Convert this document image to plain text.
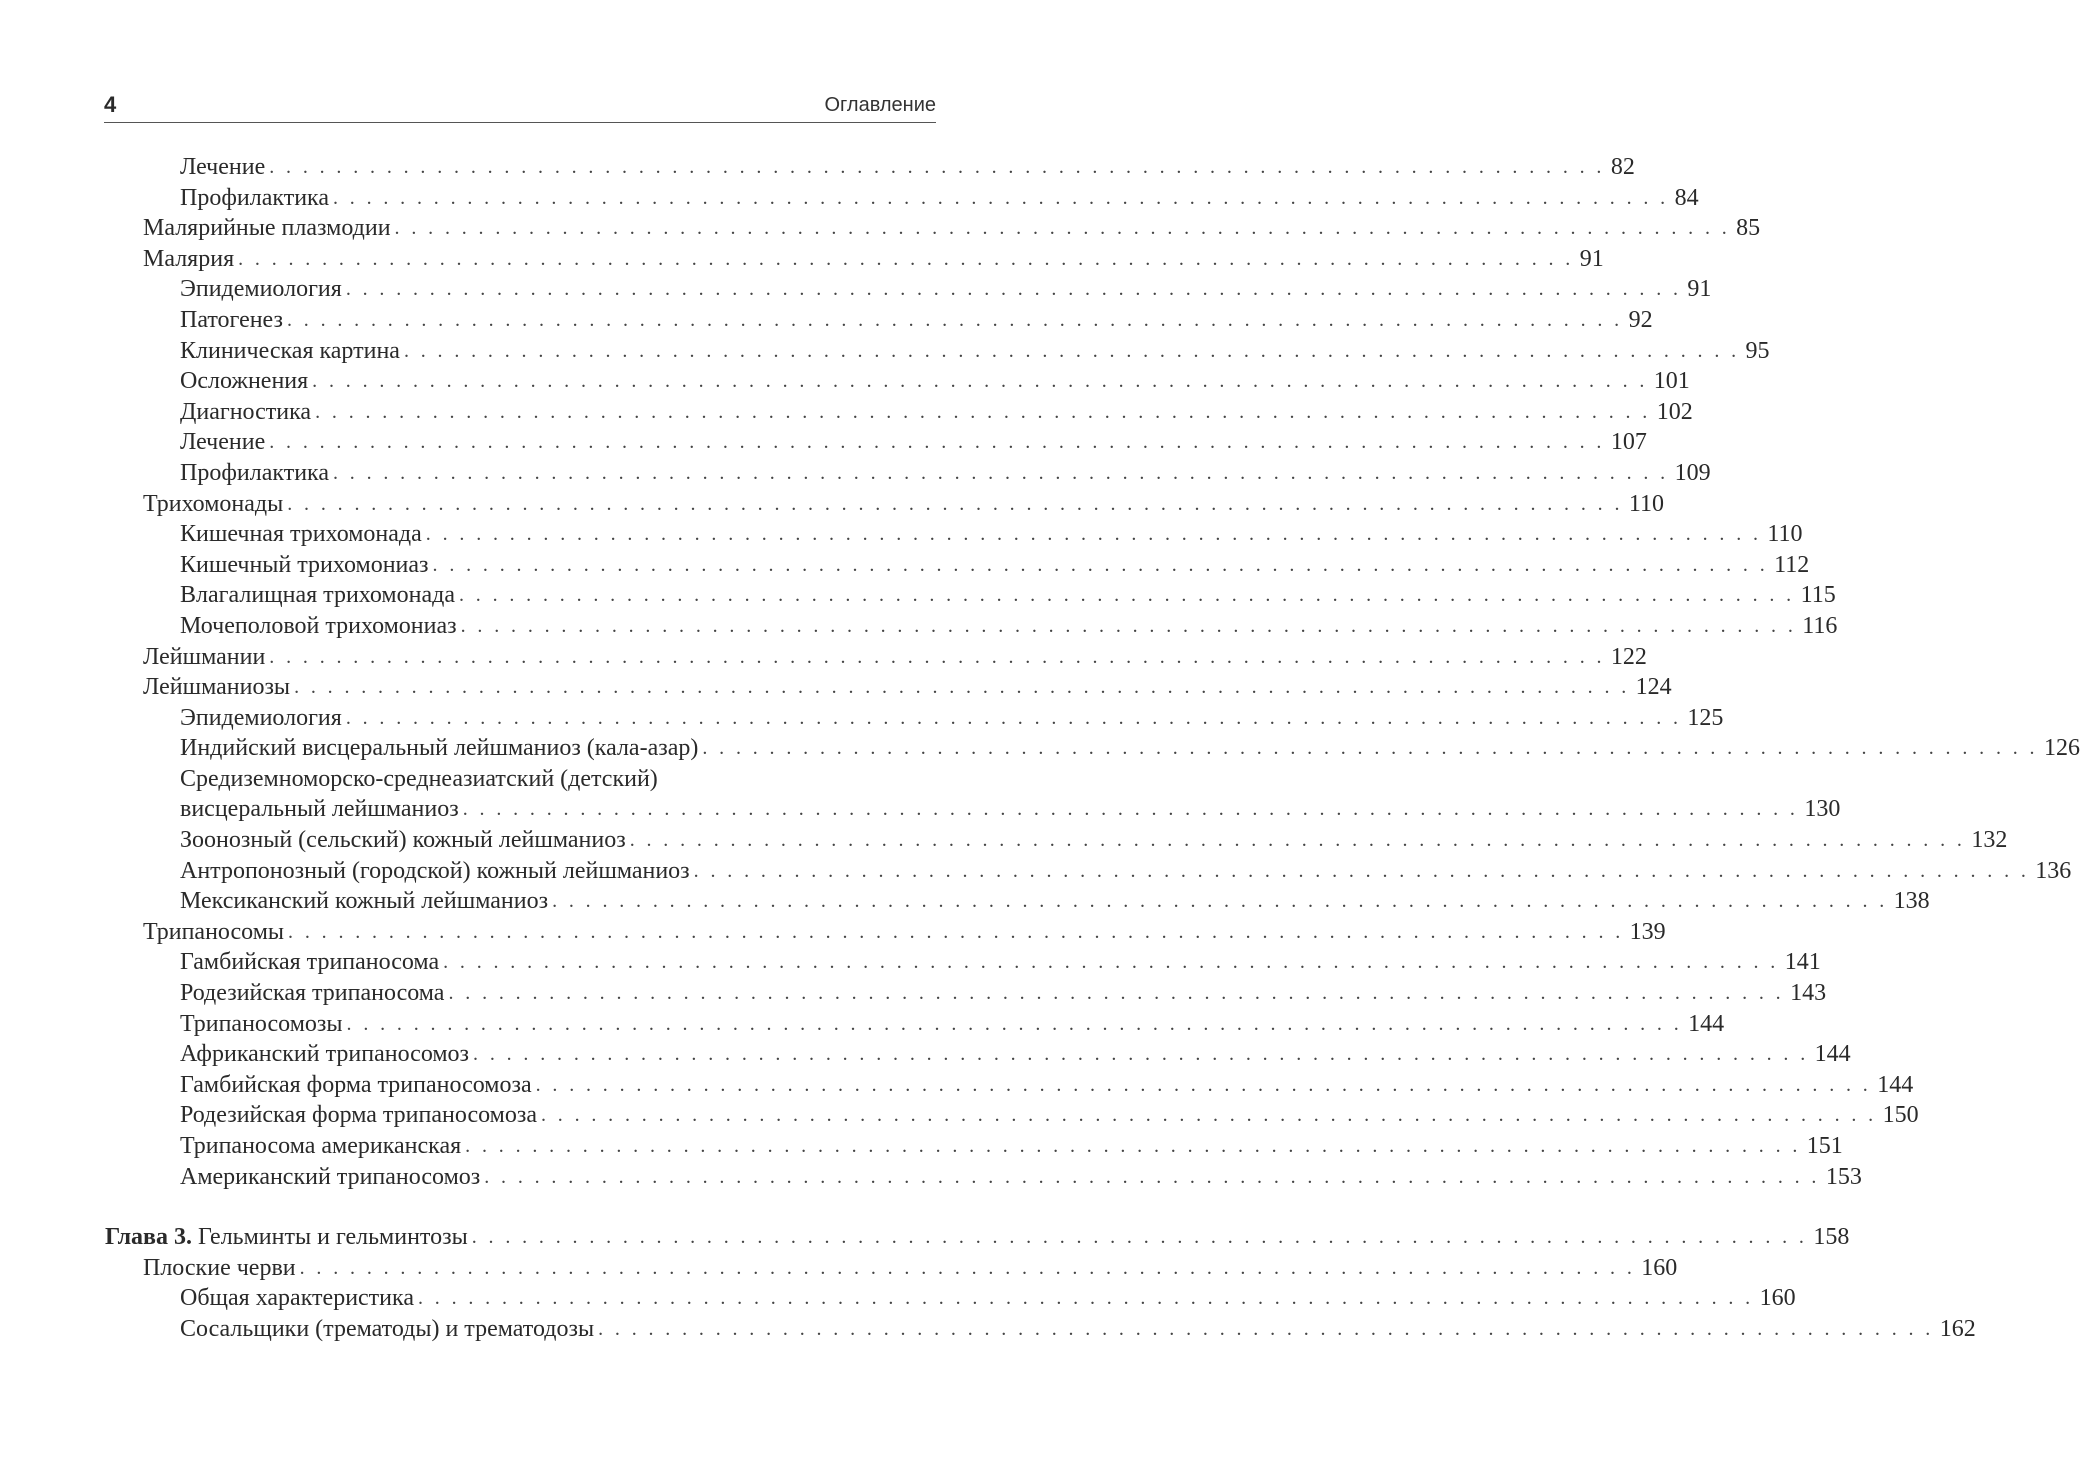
4	Оглавление
Лечение . . . . . . . . . . . . . . . . . . . . . . . . . . . . . . . . . . . . . . . . . . . . . . . . . . . . . . . . . . . . . . . . . . . . . . . . . . . . . . . . 82
Профилактика . . . . . . . . . . . . . . . . . . . . . . . . . . . . . . . . . . . . . . . . . . . . . . . . . . . . . . . . . . . . . . . . . . . . . . . . . . . . . . . . 84
Малярийные плазмодии . . . . . . . . . . . . . . . . . . . . . . . . . . . . . . . . . . . . . . . . . . . . . . . . . . . . . . . . . . . . . . . . . . . . . . . . . . . . . . . . 85
Малярия . . . . . . . . . . . . . . . . . . . . . . . . . . . . . . . . . . . . . . . . . . . . . . . . . . . . . . . . . . . . . . . . . . . . . . . . . . . . . . . . 91
Эпидемиология . . . . . . . . . . . . . . . . . . . . . . . . . . . . . . . . . . . . . . . . . . . . . . . . . . . . . . . . . . . . . . . . . . . . . . . . . . . . . . . . 91
Патогенез . . . . . . . . . . . . . . . . . . . . . . . . . . . . . . . . . . . . . . . . . . . . . . . . . . . . . . . . . . . . . . . . . . . . . . . . . . . . . . . . 92
Клиническая картина . . . . . . . . . . . . . . . . . . . . . . . . . . . . . . . . . . . . . . . . . . . . . . . . . . . . . . . . . . . . . . . . . . . . . . . . . . . . . . . . 95
Осложнения . . . . . . . . . . . . . . . . . . . . . . . . . . . . . . . . . . . . . . . . . . . . . . . . . . . . . . . . . . . . . . . . . . . . . . . . . . . . . . . . 101
Диагностика . . . . . . . . . . . . . . . . . . . . . . . . . . . . . . . . . . . . . . . . . . . . . . . . . . . . . . . . . . . . . . . . . . . . . . . . . . . . . . . . 102
Лечение . . . . . . . . . . . . . . . . . . . . . . . . . . . . . . . . . . . . . . . . . . . . . . . . . . . . . . . . . . . . . . . . . . . . . . . . . . . . . . . . 107
Профилактика . . . . . . . . . . . . . . . . . . . . . . . . . . . . . . . . . . . . . . . . . . . . . . . . . . . . . . . . . . . . . . . . . . . . . . . . . . . . . . . . 109
Трихомонады . . . . . . . . . . . . . . . . . . . . . . . . . . . . . . . . . . . . . . . . . . . . . . . . . . . . . . . . . . . . . . . . . . . . . . . . . . . . . . . . 110
Кишечная трихомонада . . . . . . . . . . . . . . . . . . . . . . . . . . . . . . . . . . . . . . . . . . . . . . . . . . . . . . . . . . . . . . . . . . . . . . . . . . . . . . . . 110
Кишечный трихомониаз . . . . . . . . . . . . . . . . . . . . . . . . . . . . . . . . . . . . . . . . . . . . . . . . . . . . . . . . . . . . . . . . . . . . . . . . . . . . . . . . 112
Влагалищная трихомонада . . . . . . . . . . . . . . . . . . . . . . . . . . . . . . . . . . . . . . . . . . . . . . . . . . . . . . . . . . . . . . . . . . . . . . . . . . . . . . . . 115
Мочеполовой трихомониаз . . . . . . . . . . . . . . . . . . . . . . . . . . . . . . . . . . . . . . . . . . . . . . . . . . . . . . . . . . . . . . . . . . . . . . . . . . . . . . . . 116
Лейшмании . . . . . . . . . . . . . . . . . . . . . . . . . . . . . . . . . . . . . . . . . . . . . . . . . . . . . . . . . . . . . . . . . . . . . . . . . . . . . . . . 122
Лейшманиозы . . . . . . . . . . . . . . . . . . . . . . . . . . . . . . . . . . . . . . . . . . . . . . . . . . . . . . . . . . . . . . . . . . . . . . . . . . . . . . . . 124
Эпидемиология . . . . . . . . . . . . . . . . . . . . . . . . . . . . . . . . . . . . . . . . . . . . . . . . . . . . . . . . . . . . . . . . . . . . . . . . . . . . . . . . 125
Индийский висцеральный лейшманиоз (кала-азар) . . . . . . . . . . . . . . . . . . . . . . . . . . . . . . . . . . . . . . . . . . . . . . . . . . . . . . . . . . . . . . . . . . . . . . . . . . . . . . . . 126
Средиземноморско-среднеазиатский (детский)
висцеральный лейшманиоз . . . . . . . . . . . . . . . . . . . . . . . . . . . . . . . . . . . . . . . . . . . . . . . . . . . . . . . . . . . . . . . . . . . . . . . . . . . . . . . . 130
Зоонозный (сельский) кожный лейшманиоз . . . . . . . . . . . . . . . . . . . . . . . . . . . . . . . . . . . . . . . . . . . . . . . . . . . . . . . . . . . . . . . . . . . . . . . . . . . . . . . . 132
Антропонозный (городской) кожный лейшманиоз . . . . . . . . . . . . . . . . . . . . . . . . . . . . . . . . . . . . . . . . . . . . . . . . . . . . . . . . . . . . . . . . . . . . . . . . . . . . . . . . 136
Мексиканский кожный лейшманиоз . . . . . . . . . . . . . . . . . . . . . . . . . . . . . . . . . . . . . . . . . . . . . . . . . . . . . . . . . . . . . . . . . . . . . . . . . . . . . . . . 138
Трипаносомы . . . . . . . . . . . . . . . . . . . . . . . . . . . . . . . . . . . . . . . . . . . . . . . . . . . . . . . . . . . . . . . . . . . . . . . . . . . . . . . . 139
Гамбийская трипаносома . . . . . . . . . . . . . . . . . . . . . . . . . . . . . . . . . . . . . . . . . . . . . . . . . . . . . . . . . . . . . . . . . . . . . . . . . . . . . . . . 141
Родезийская трипаносома . . . . . . . . . . . . . . . . . . . . . . . . . . . . . . . . . . . . . . . . . . . . . . . . . . . . . . . . . . . . . . . . . . . . . . . . . . . . . . . . 143
Трипаносомозы . . . . . . . . . . . . . . . . . . . . . . . . . . . . . . . . . . . . . . . . . . . . . . . . . . . . . . . . . . . . . . . . . . . . . . . . . . . . . . . . 144
Африканский трипаносомоз . . . . . . . . . . . . . . . . . . . . . . . . . . . . . . . . . . . . . . . . . . . . . . . . . . . . . . . . . . . . . . . . . . . . . . . . . . . . . . . . 144
Гамбийская форма трипаносомоза . . . . . . . . . . . . . . . . . . . . . . . . . . . . . . . . . . . . . . . . . . . . . . . . . . . . . . . . . . . . . . . . . . . . . . . . . . . . . . . . 144
Родезийская форма трипаносомоза . . . . . . . . . . . . . . . . . . . . . . . . . . . . . . . . . . . . . . . . . . . . . . . . . . . . . . . . . . . . . . . . . . . . . . . . . . . . . . . . 150
Трипаносома американская . . . . . . . . . . . . . . . . . . . . . . . . . . . . . . . . . . . . . . . . . . . . . . . . . . . . . . . . . . . . . . . . . . . . . . . . . . . . . . . . 151
Американский трипаносомоз . . . . . . . . . . . . . . . . . . . . . . . . . . . . . . . . . . . . . . . . . . . . . . . . . . . . . . . . . . . . . . . . . . . . . . . . . . . . . . . . 153
Глава 3. Гельминты и гельминтозы . . . . . . . . . . . . . . . . . . . . . . . . . . . . . . . . . . . . . . . . . . . . . . . . . . . . . . . . . . . . . . . . . . . . . . . . . . . . . . . . 158
Плоские черви . . . . . . . . . . . . . . . . . . . . . . . . . . . . . . . . . . . . . . . . . . . . . . . . . . . . . . . . . . . . . . . . . . . . . . . . . . . . . . . . 160
Общая характеристика . . . . . . . . . . . . . . . . . . . . . . . . . . . . . . . . . . . . . . . . . . . . . . . . . . . . . . . . . . . . . . . . . . . . . . . . . . . . . . . . 160
Сосальщики (трематоды) и трематодозы . . . . . . . . . . . . . . . . . . . . . . . . . . . . . . . . . . . . . . . . . . . . . . . . . . . . . . . . . . . . . . . . . . . . . . . . . . . . . . . . 162
